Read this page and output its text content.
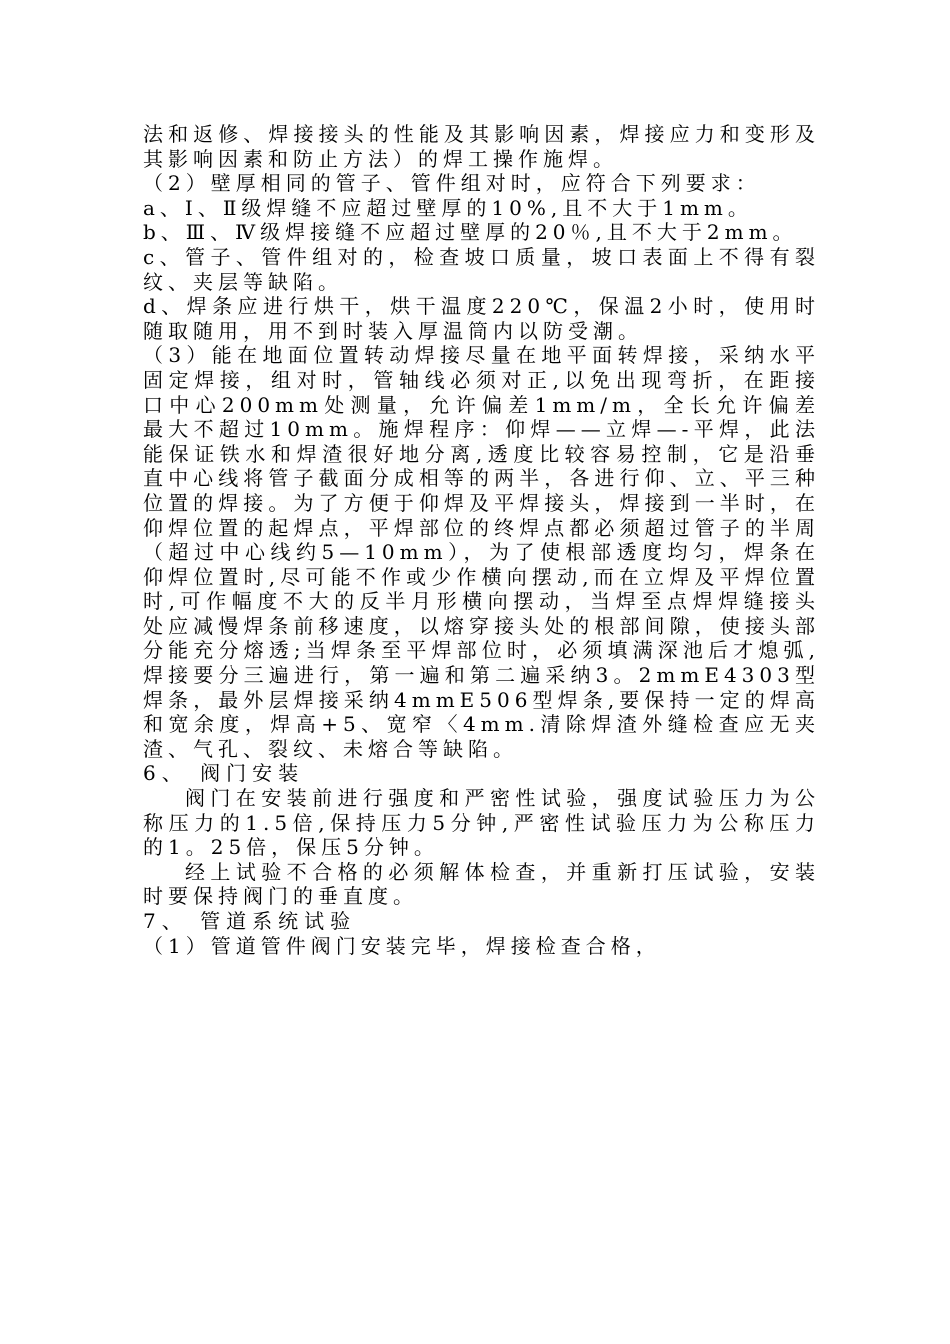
法和返修、焊接接头的性能及其影响因素，焊接应力和变形及其影响因素和防止方法）的焊工操作施焊。

（2）壁厚相同的管子、管件组对时，应符合下列要求：

a、Ⅰ、Ⅱ级焊缝不应超过壁厚的10%,且不大于1mm。

b、Ⅲ、Ⅳ级焊接缝不应超过壁厚的20％,且不大于2mm。

c、管子、管件组对的，检查坡口质量，坡口表面上不得有裂纹、夹层等缺陷。

d、焊条应进行烘干，烘干温度220℃，保温2小时，使用时随取随用，用不到时装入厚温筒内以防受潮。

（3）能在地面位置转动焊接尽量在地平面转焊接，采纳水平固定焊接，组对时，管轴线必须对正,以免出现弯折，在距接口中心200mm处测量，允许偏差1mm/m，全长允许偏差最大不超过10mm。施焊程序：仰焊——立焊—-平焊，此法能保证铁水和焊渣很好地分离,透度比较容易控制，它是沿垂直中心线将管子截面分成相等的两半，各进行仰、立、平三种位置的焊接。为了方便于仰焊及平焊接头，焊接到一半时，在仰焊位置的起焊点，平焊部位的终焊点都必须超过管子的半周（超过中心线约5—10mm），为了使根部透度均匀，焊条在仰焊位置时,尽可能不作或少作横向摆动,而在立焊及平焊位置时,可作幅度不大的反半月形横向摆动，当焊至点焊焊缝接头处应减慢焊条前移速度，以熔穿接头处的根部间隙，使接头部分能充分熔透;当焊条至平焊部位时，必须填满深池后才熄弧,焊接要分三遍进行，第一遍和第二遍采纳3。2mmE4303型焊条，最外层焊接采纳4mmE506型焊条,要保持一定的焊高和宽余度，焊高+5、宽窄〈4mm.清除焊渣外缝检查应无夹渣、气孔、裂纹、未熔合等缺陷。

6、 阀门安装

阀门在安装前进行强度和严密性试验，强度试验压力为公称压力的1.5倍,保持压力5分钟,严密性试验压力为公称压力的1。25倍，保压5分钟。

经上试验不合格的必须解体检查，并重新打压试验，安装时要保持阀门的垂直度。

7、 管道系统试验

（1）管道管件阀门安装完毕，焊接检查合格，
